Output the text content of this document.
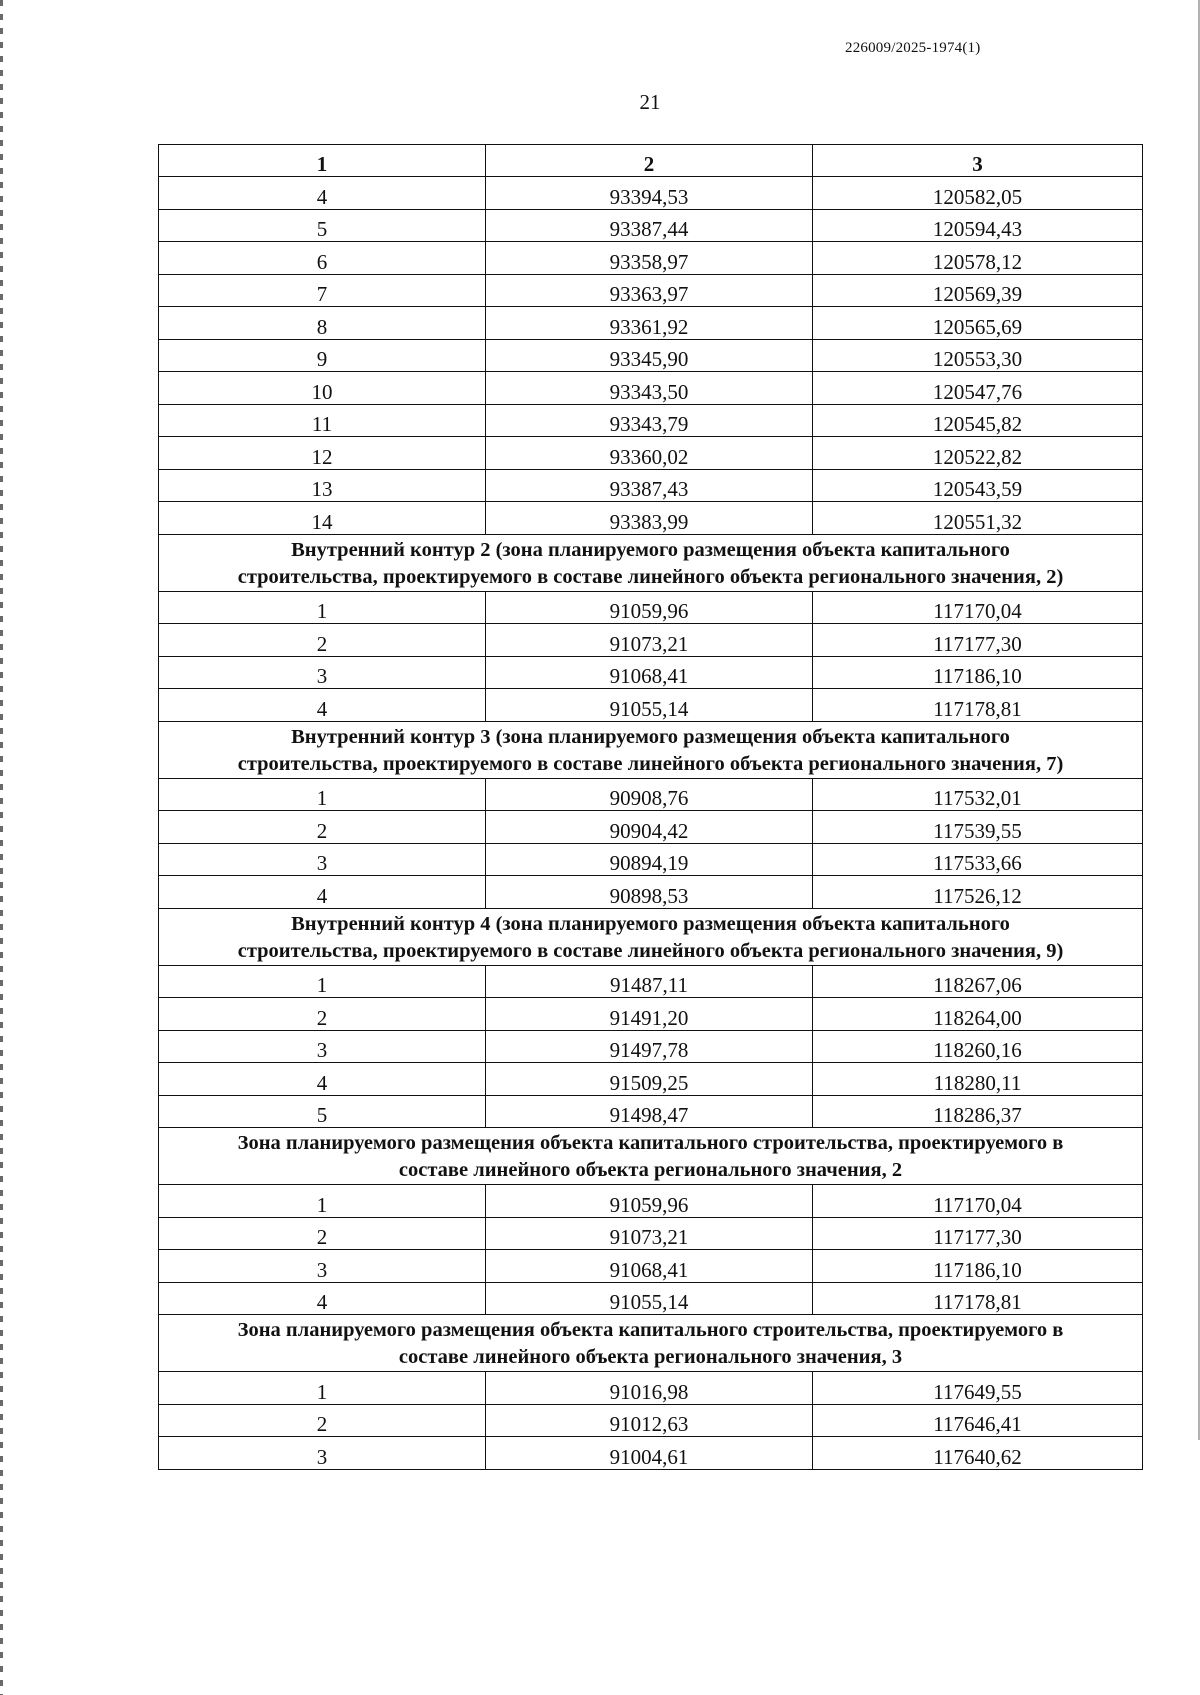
226009/2025-1974(1)
21
1	2	3
4	93394,53	120582,05
5	93387,44	120594,43
6	93358,97	120578,12
7	93363,97	120569,39
8	93361,92	120565,69
9	93345,90	120553,30
10	93343,50	120547,76
11	93343,79	120545,82
12	93360,02	120522,82
13	93387,43	120543,59
14	93383,99	120551,32
Внутренний контур 2 (зона планируемого размещения объекта капитального строительства, проектируемого в составе линейного объекта регионального значения, 2)		
1	91059,96	117170,04
2	91073,21	117177,30
3	91068,41	117186,10
4	91055,14	117178,81
Внутренний контур 3 (зона планируемого размещения объекта капитального строительства, проектируемого в составе линейного объекта регионального значения, 7)		
1	90908,76	117532,01
2	90904,42	117539,55
3	90894,19	117533,66
4	90898,53	117526,12
Внутренний контур 4 (зона планируемого размещения объекта капитального строительства, проектируемого в составе линейного объекта регионального значения, 9)		
1	91487,11	118267,06
2	91491,20	118264,00
3	91497,78	118260,16
4	91509,25	118280,11
5	91498,47	118286,37
Зона планируемого размещения объекта капитального строительства, проектируемого в составе линейного объекта регионального значения, 2		
1	91059,96	117170,04
2	91073,21	117177,30
3	91068,41	117186,10
4	91055,14	117178,81
Зона планируемого размещения объекта капитального строительства, проектируемого в составе линейного объекта регионального значения, 3		
1	91016,98	117649,55
2	91012,63	117646,41
3	91004,61	117640,62
